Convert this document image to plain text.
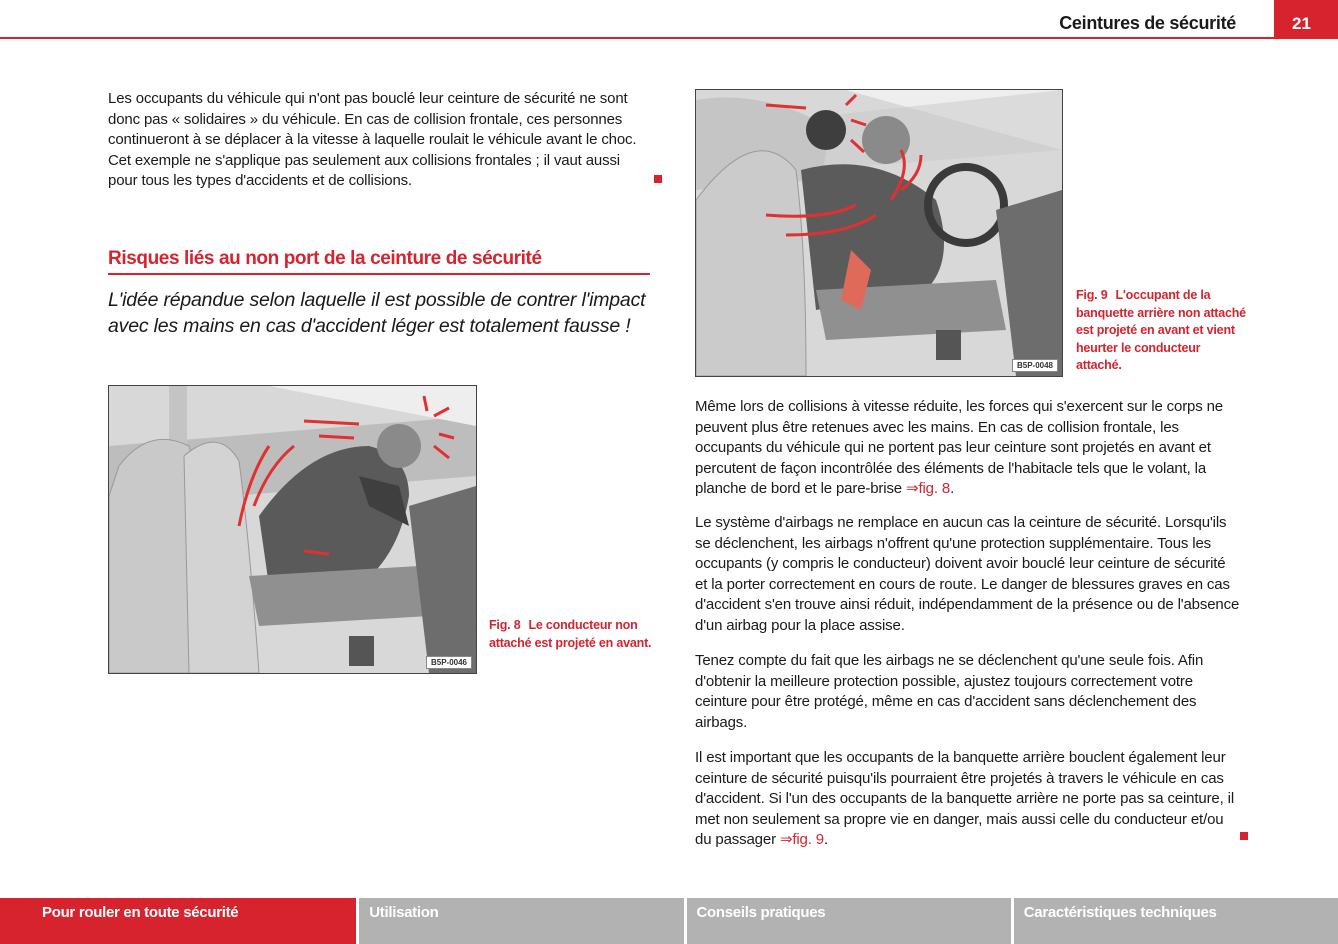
Ceintures de sécurité	21

Les occupants du véhicule qui n'ont pas bouclé leur ceinture de sécurité ne sont donc pas « solidaires » du véhicule. En cas de collision frontale, ces personnes continueront à se déplacer à la vitesse à laquelle roulait le véhicule avant le choc. Cet exemple ne s'applique pas seulement aux collisions frontales ; il vaut aussi pour tous les types d'accidents et de collisions.

Risques liés au non port de la ceinture de sécurité

L'idée répandue selon laquelle il est possible de contrer l'impact avec les mains en cas d'accident léger est totalement fausse !

B5P-0046

Fig. 8 Le conducteur non attaché est projeté en avant.

B5P-0048

Fig. 9 L'occupant de la banquette arrière non attaché est projeté en avant et vient heurter le conducteur attaché.

Même lors de collisions à vitesse réduite, les forces qui s'exercent sur le corps ne peuvent plus être retenues avec les mains. En cas de collision frontale, les occupants du véhicule qui ne portent pas leur ceinture sont projetés en avant et percutent de façon incontrôlée des éléments de l'habitacle tels que le volant, la planche de bord et le pare-brise ⇒fig. 8.

Le système d'airbags ne remplace en aucun cas la ceinture de sécurité. Lorsqu'ils se déclenchent, les airbags n'offrent qu'une protection supplémentaire. Tous les occupants (y compris le conducteur) doivent avoir bouclé leur ceinture de sécurité et la porter correctement en cours de route. Le danger de blessures graves en cas d'accident s'en trouve ainsi réduit, indépendamment de la présence ou de l'absence d'un airbag pour la place assise.

Tenez compte du fait que les airbags ne se déclenchent qu'une seule fois. Afin d'obtenir la meilleure protection possible, ajustez toujours correctement votre ceinture pour être protégé, même en cas d'accident sans déclenchement des airbags.

Il est important que les occupants de la banquette arrière bouclent également leur ceinture de sécurité puisqu'ils pourraient être projetés à travers le véhicule en cas d'accident. Si l'un des occupants de la banquette arrière ne porte pas sa ceinture, il met non seulement sa propre vie en danger, mais aussi celle du conducteur et/ou du passager ⇒fig. 9.

Pour rouler en toute sécurité	Utilisation	Conseils pratiques	Caractéristiques techniques
